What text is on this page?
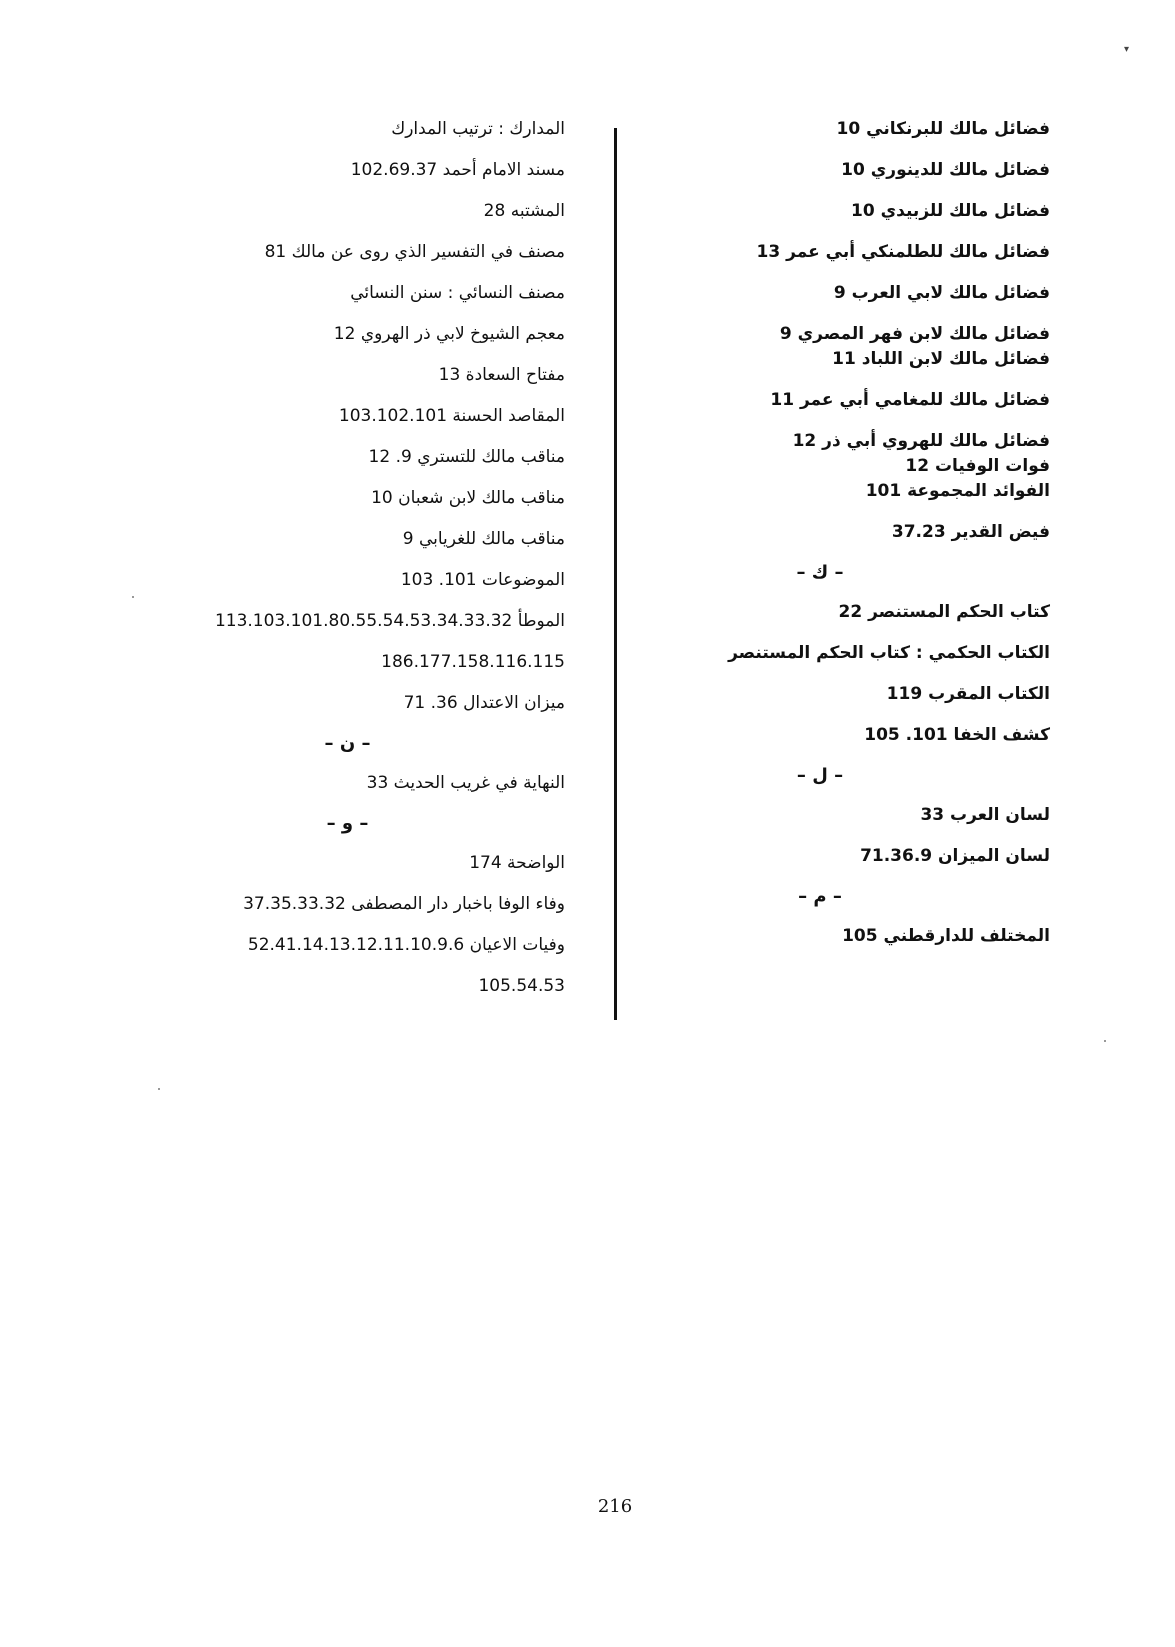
▾
فضائل مالك للبرنكاني 10
فضائل مالك للدينوري 10
فضائل مالك للزبيدي 10
فضائل مالك للطلمنكي أبي عمر 13
فضائل مالك لابي العرب 9
فضائل مالك لابن فهر المصري 9
فضائل مالك لابن اللباد 11
فضائل مالك للمغامي أبي عمر 11
فضائل مالك للهروي أبي ذر 12
فوات الوفيات 12
الفوائد المجموعة 101
فيض القدير 37.23
– ك –
كتاب الحكم المستنصر 22
الكتاب الحكمي : كتاب الحكم المستنصر
الكتاب المقرب 119
كشف الخفا 101. 105
– ل –
لسان العرب 33
لسان الميزان 71.36.9
– م –
المختلف للدارقطني 105
المدارك : ترتيب المدارك
مسند الامام أحمد 102.69.37
المشتبه 28
مصنف في التفسير الذي روى عن مالك 81
مصنف النسائي : سنن النسائي
معجم الشيوخ لابي ذر الهروي 12
مفتاح السعادة 13
المقاصد الحسنة 103.102.101
مناقب مالك للتستري 9. 12
مناقب مالك لابن شعبان 10
مناقب مالك للغريابي 9
الموضوعات 101. 103
الموطأ 113.103.101.80.55.54.53.34.33.32
186.177.158.116.115
ميزان الاعتدال 36. 71
– ن –
النهاية في غريب الحديث 33
– و –
الواضحة 174
وفاء الوفا باخبار دار المصطفى 37.35.33.32
وفيات الاعيان 52.41.14.13.12.11.10.9.6
105.54.53
216
